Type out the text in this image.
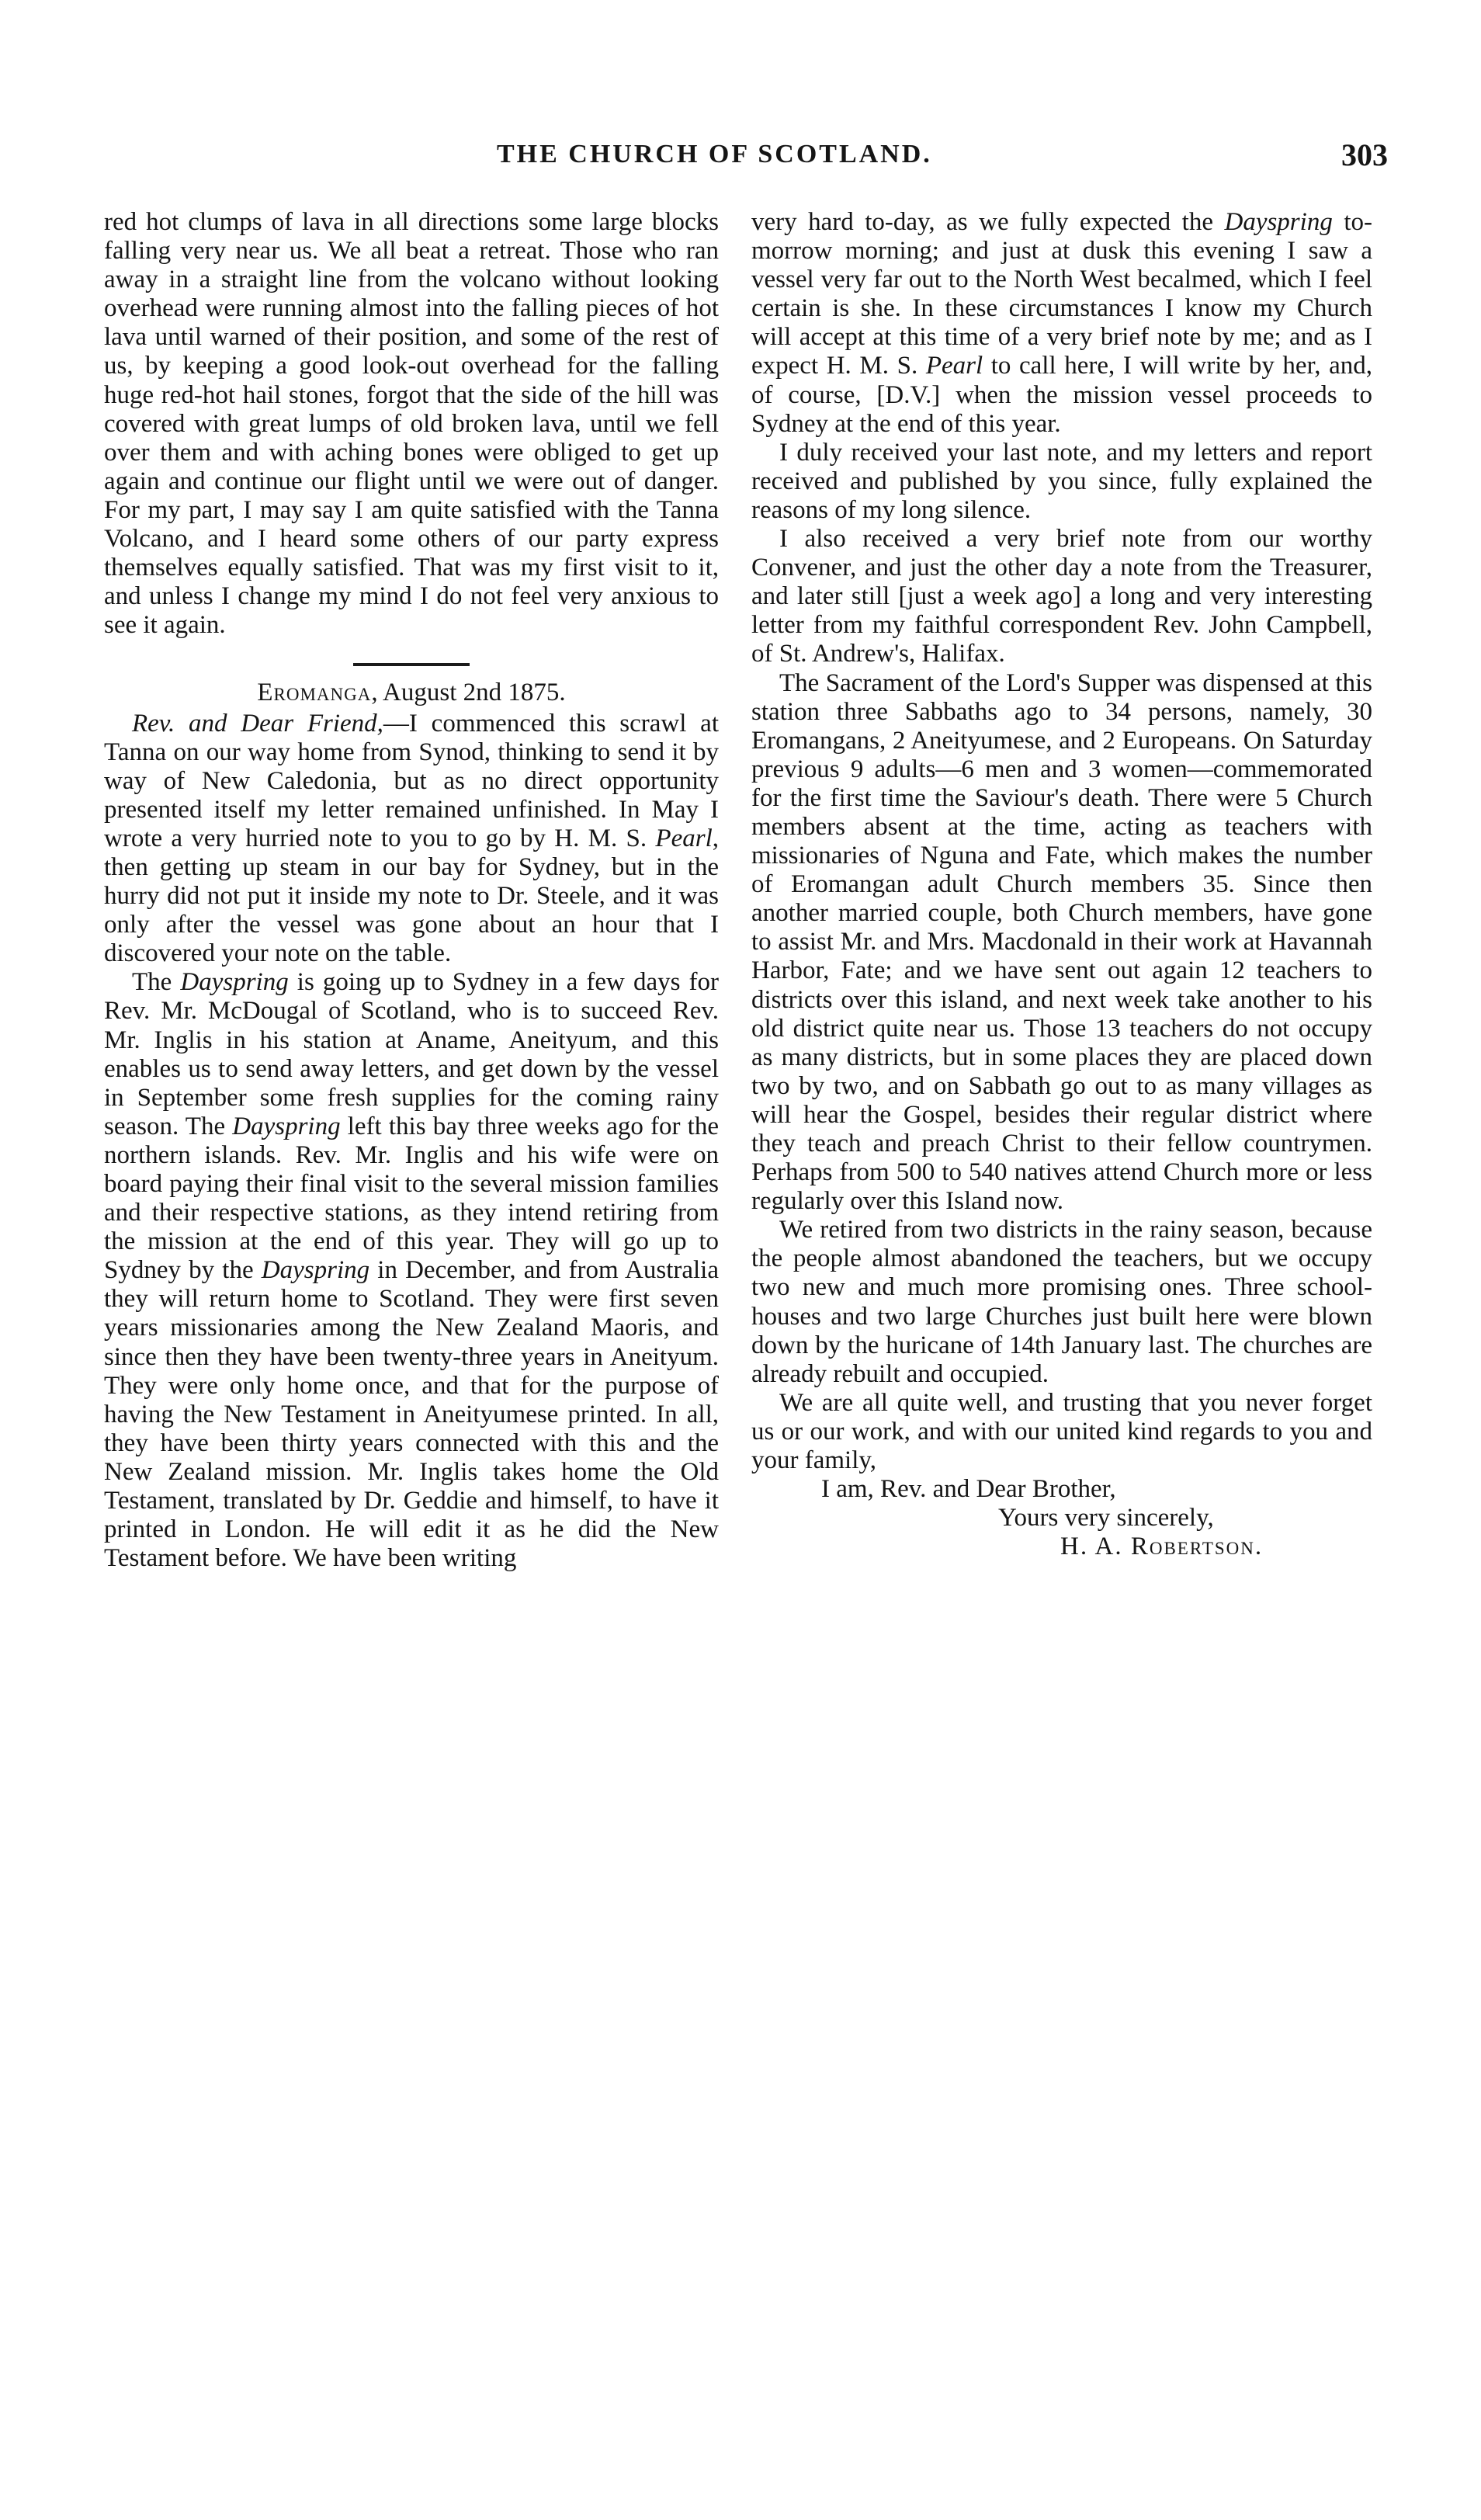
THE CHURCH OF SCOTLAND.	303

red hot clumps of lava in all directions some large blocks falling very near us. We all beat a retreat. Those who ran away in a straight line from the volcano without looking overhead were running almost into the falling pieces of hot lava until warned of their position, and some of the rest of us, by keeping a good look-out overhead for the falling huge red-hot hail stones, forgot that the side of the hill was covered with great lumps of old broken lava, until we fell over them and with aching bones were obliged to get up again and continue our flight until we were out of danger. For my part, I may say I am quite satisfied with the Tanna Volcano, and I heard some others of our party express themselves equally satisfied. That was my first visit to it, and unless I change my mind I do not feel very anxious to see it again.

Eromanga, August 2nd 1875.

Rev. and Dear Friend,—I commenced this scrawl at Tanna on our way home from Synod, thinking to send it by way of New Caledonia, but as no direct opportunity presented itself my letter remained unfinished. In May I wrote a very hurried note to you to go by H. M. S. Pearl, then getting up steam in our bay for Sydney, but in the hurry did not put it inside my note to Dr. Steele, and it was only after the vessel was gone about an hour that I discovered your note on the table.

The Dayspring is going up to Sydney in a few days for Rev. Mr. McDougal of Scotland, who is to succeed Rev. Mr. Inglis in his station at Aname, Aneityum, and this enables us to send away letters, and get down by the vessel in September some fresh supplies for the coming rainy season. The Dayspring left this bay three weeks ago for the northern islands. Rev. Mr. Inglis and his wife were on board paying their final visit to the several mission families and their respective stations, as they intend retiring from the mission at the end of this year. They will go up to Sydney by the Dayspring in December, and from Australia they will return home to Scotland. They were first seven years missionaries among the New Zealand Maoris, and since then they have been twenty-three years in Aneityum. They were only home once, and that for the purpose of having the New Testament in Aneityumese printed. In all, they have been thirty years connected with this and the New Zealand mission. Mr. Inglis takes home the Old Testament, translated by Dr. Geddie and himself, to have it printed in London. He will edit it as he did the New Testament before. We have been writing

very hard to-day, as we fully expected the Dayspring to-morrow morning; and just at dusk this evening I saw a vessel very far out to the North West becalmed, which I feel certain is she. In these circumstances I know my Church will accept at this time of a very brief note by me; and as I expect H. M. S. Pearl to call here, I will write by her, and, of course, [D.V.] when the mission vessel proceeds to Sydney at the end of this year.

I duly received your last note, and my letters and report received and published by you since, fully explained the reasons of my long silence.

I also received a very brief note from our worthy Convener, and just the other day a note from the Treasurer, and later still [just a week ago] a long and very interesting letter from my faithful correspondent Rev. John Campbell, of St. Andrew's, Halifax.

The Sacrament of the Lord's Supper was dispensed at this station three Sabbaths ago to 34 persons, namely, 30 Eromangans, 2 Aneityumese, and 2 Europeans. On Saturday previous 9 adults—6 men and 3 women—commemorated for the first time the Saviour's death. There were 5 Church members absent at the time, acting as teachers with missionaries of Nguna and Fate, which makes the number of Eromangan adult Church members 35. Since then another married couple, both Church members, have gone to assist Mr. and Mrs. Macdonald in their work at Havannah Harbor, Fate; and we have sent out again 12 teachers to districts over this island, and next week take another to his old district quite near us. Those 13 teachers do not occupy as many districts, but in some places they are placed down two by two, and on Sabbath go out to as many villages as will hear the Gospel, besides their regular district where they teach and preach Christ to their fellow countrymen. Perhaps from 500 to 540 natives attend Church more or less regularly over this Island now.

We retired from two districts in the rainy season, because the people almost abandoned the teachers, but we occupy two new and much more promising ones. Three school-houses and two large Churches just built here were blown down by the huricane of 14th January last. The churches are already rebuilt and occupied.

We are all quite well, and trusting that you never forget us or our work, and with our united kind regards to you and your family,

I am, Rev. and Dear Brother,

Yours very sincerely,

H. A. Robertson.
